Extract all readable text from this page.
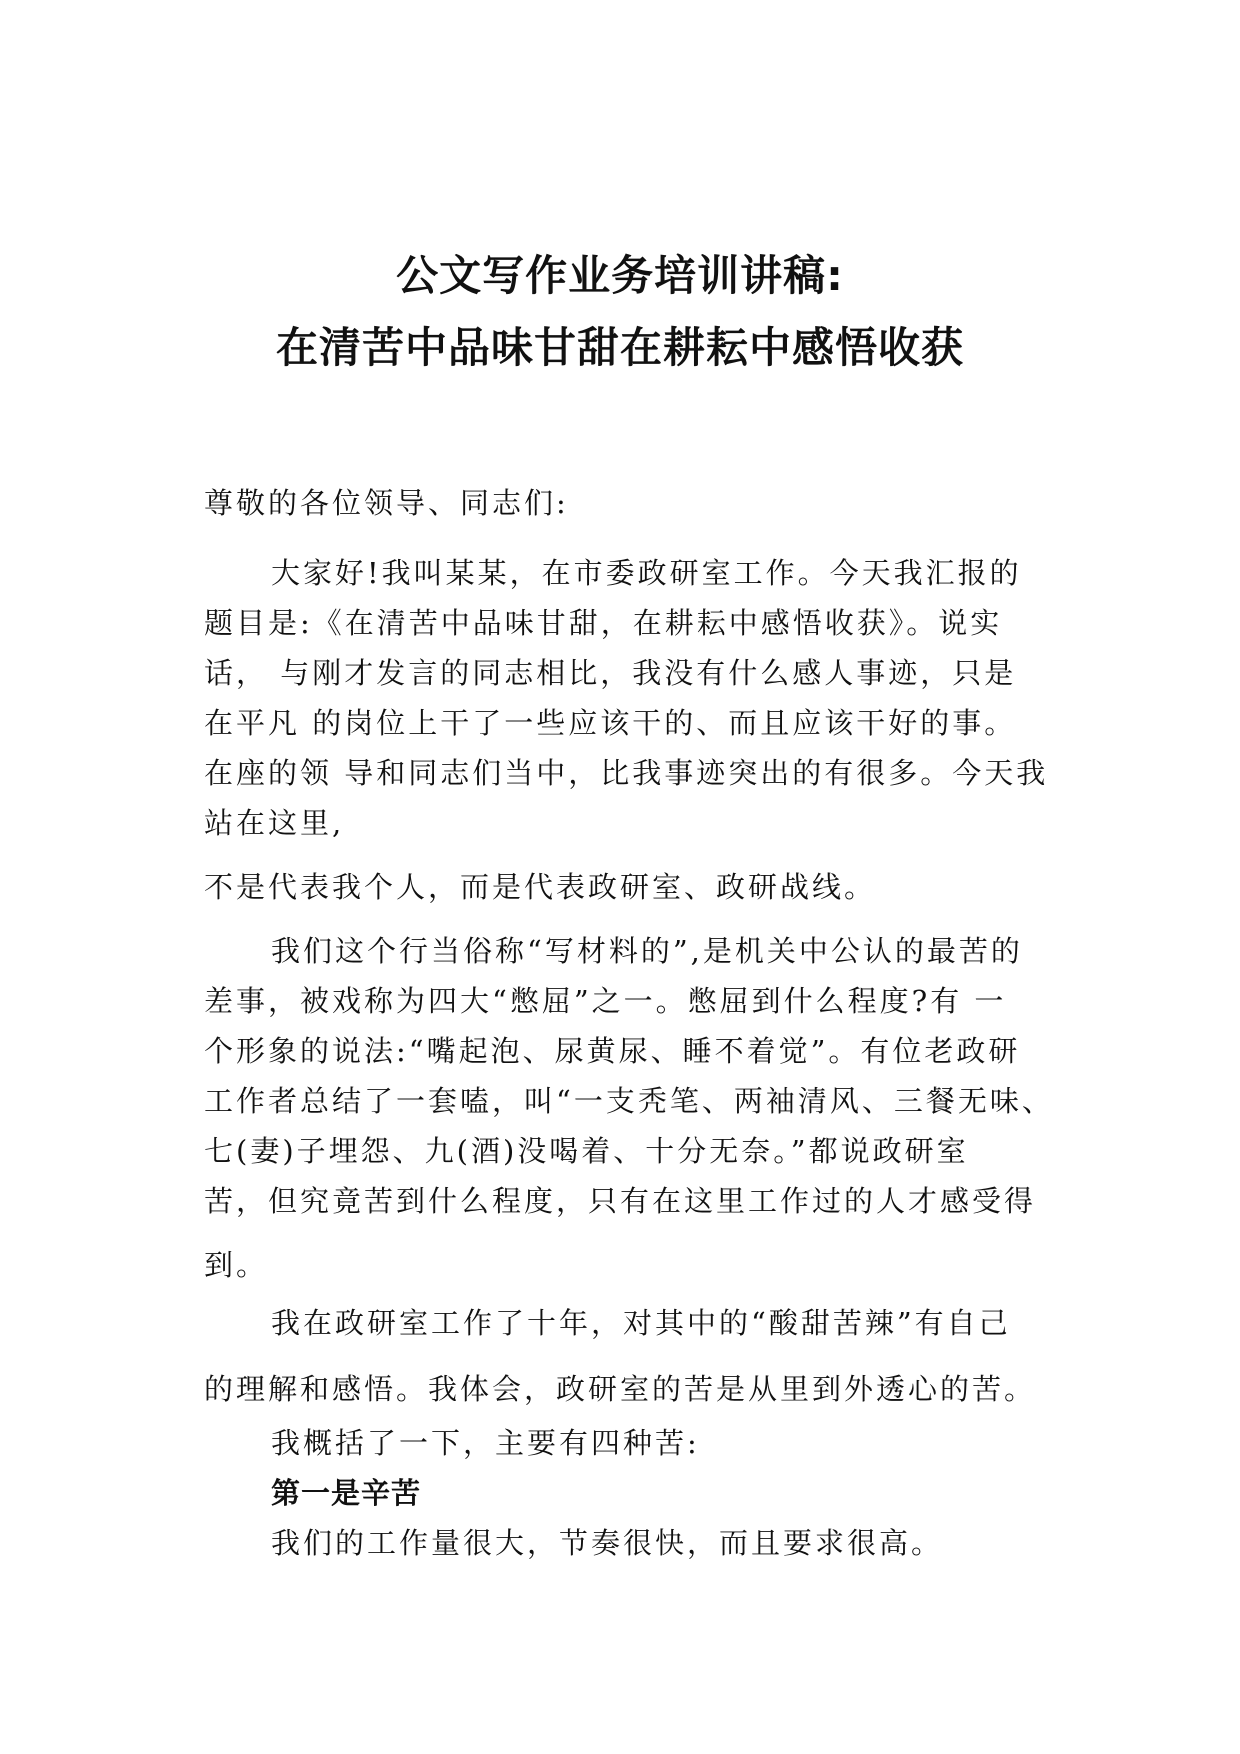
公文写作业务培训讲稿:
在清苦中品味甘甜在耕耘中感悟收获
尊敬的各位领导、同志们:
大家好!我叫某某，在市委政研室工作。今天我汇报的
题目是:《在清苦中品味甘甜，在耕耘中感悟收获》。说实
话， 与刚才发言的同志相比，我没有什么感人事迹，只是
在平凡 的岗位上干了一些应该干的、而且应该干好的事。
在座的领 导和同志们当中，比我事迹突出的有很多。今天我
站在这里,
不是代表我个人，而是代表政研室、政研战线。
我们这个行当俗称“写材料的”,是机关中公认的最苦的
差事，被戏称为四大“憋屈”之一。憋屈到什么程度?有 一
个形象的说法:“嘴起泡、尿黄尿、睡不着觉”。有位老政研
工作者总结了一套嗑，叫“一支秃笔、两袖清风、三餐无味、
七(妻)子埋怨、九(酒)没喝着、十分无奈。”都说政研室
苦，但究竟苦到什么程度，只有在这里工作过的人才感受得
到。
我在政研室工作了十年，对其中的“酸甜苦辣”有自己
的理解和感悟。我体会，政研室的苦是从里到外透心的苦。
我概括了一下，主要有四种苦:
第一是辛苦
我们的工作量很大，节奏很快，而且要求很高。
